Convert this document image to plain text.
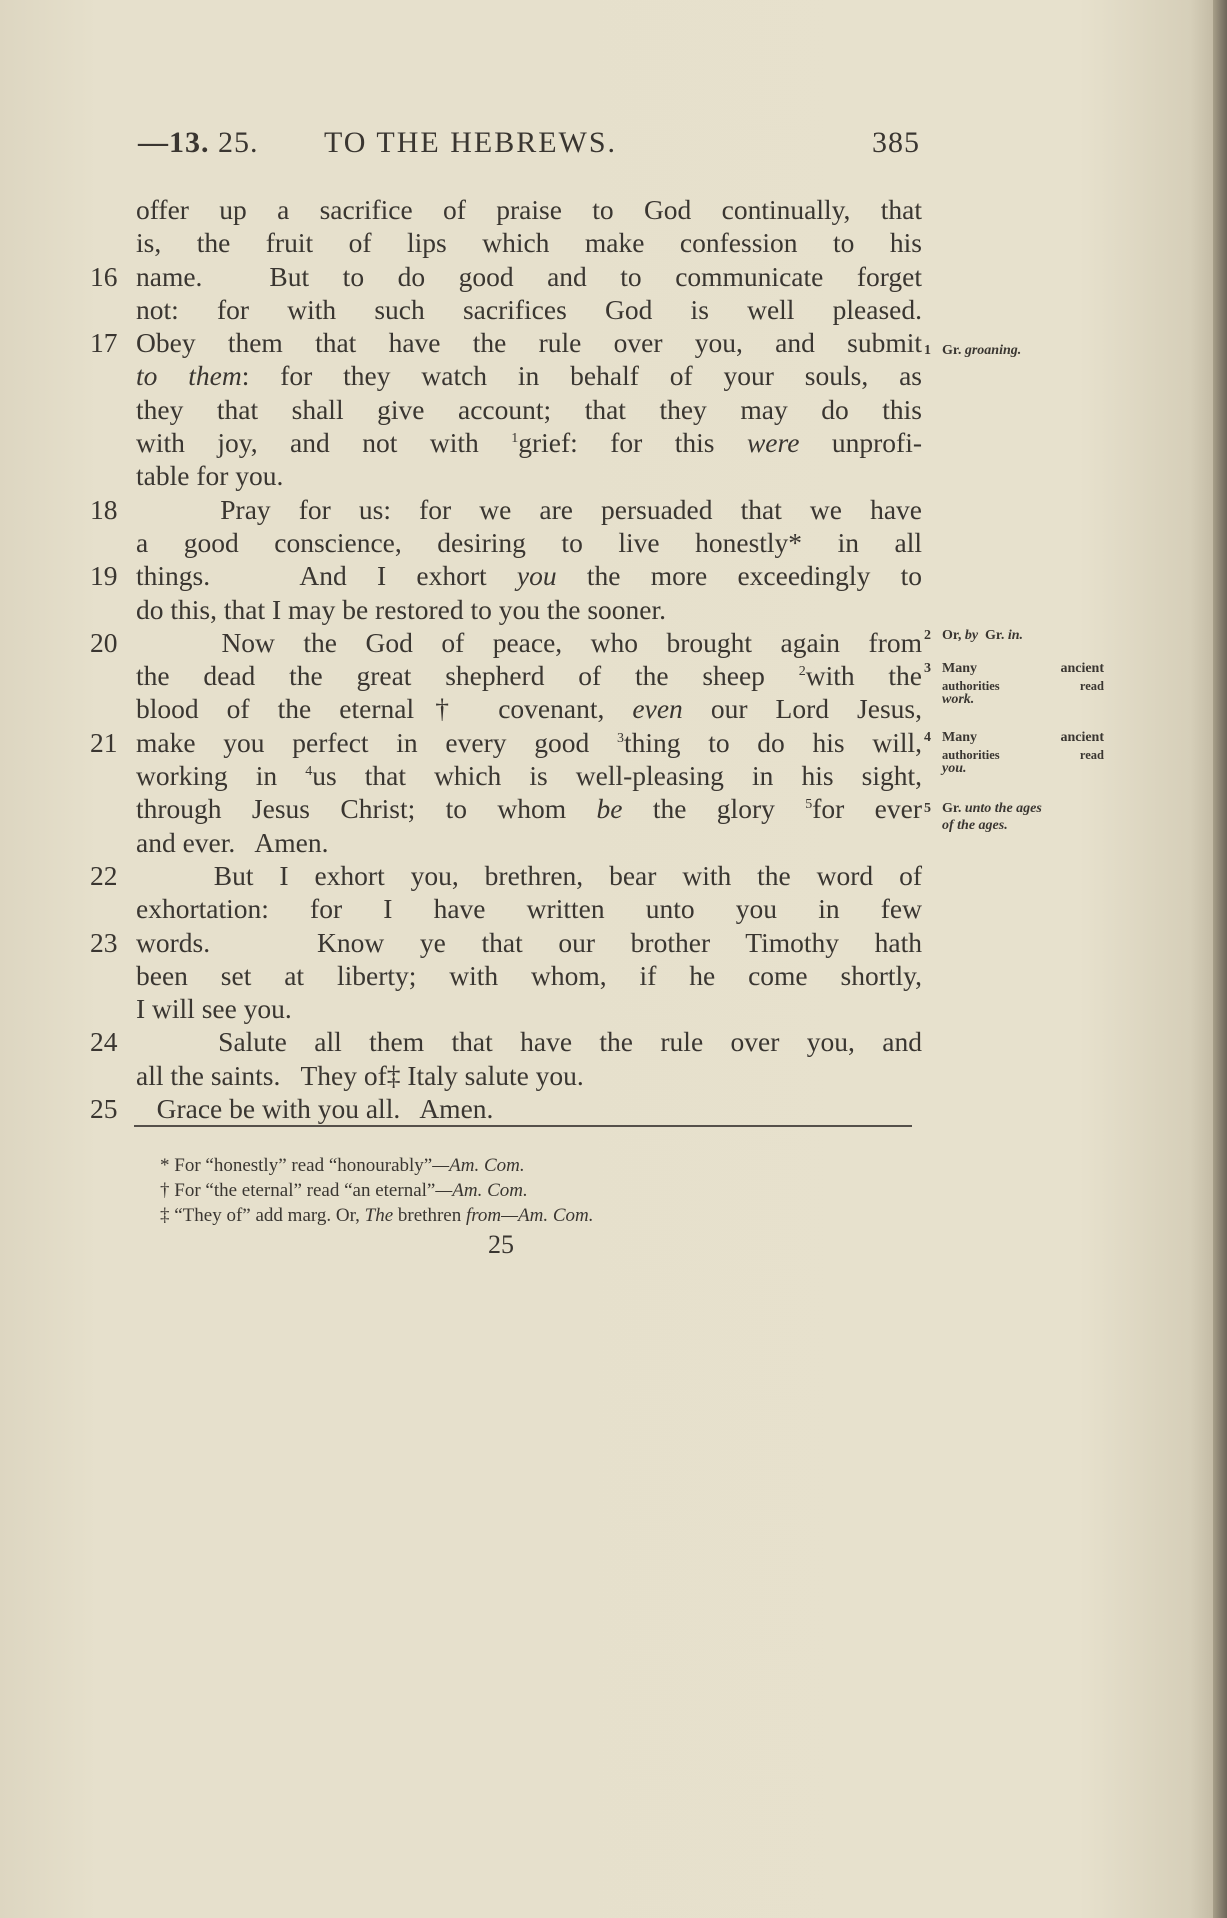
—13. 25. TO THE HEBREWS.	385
offer up a sacrifice of praise to God continually, that
is, the fruit of lips which make confession to his
16 name.  But to do good and to communicate forget
not: for with such sacrifices God is well pleased.
17 Obey them that have the rule over you, and submit
to them: for they watch in behalf of your souls, as
they that shall give account; that they may do this
with joy, and not with $^1$grief: for this were unprofi-
table for you.
18 Pray for us: for we are persuaded that we have
a good conscience, desiring to live honestly* in all
19 things.   And I exhort you the more exceedingly to
do this, that I may be restored to you the sooner.
20 Now the God of peace, who brought again from
the dead the great shepherd of the sheep $^2$with the
blood of the eternal† covenant, even our Lord Jesus,
21 make you perfect in every good $^3$thing to do his will,
working in $^4$us that which is well-pleasing in his sight,
through Jesus Christ; to whom be the glory $^5$for ever
and ever.   Amen.
22 But I exhort you, brethren, bear with the word of
exhortation: for I have written unto you in few
23 words.   Know ye that our brother Timothy hath
been set at liberty; with whom, if he come shortly,
I will see you.
24 Salute all them that have the rule over you, and
all the saints.   They of‡ Italy salute you.
25 Grace be with you all.   Amen.
1 Gr. groaning.
2 Or, by  Gr. in.
3 Many ancient
authorities read
work.
4 Many ancient
authorities read
you.
5 Gr. unto the ages
of the ages.
* For “honestly” read “honourably”—Am. Com.
† For “the eternal” read “an eternal”—Am. Com.
‡ “They of” add marg. Or, The brethren from—Am. Com.
25
